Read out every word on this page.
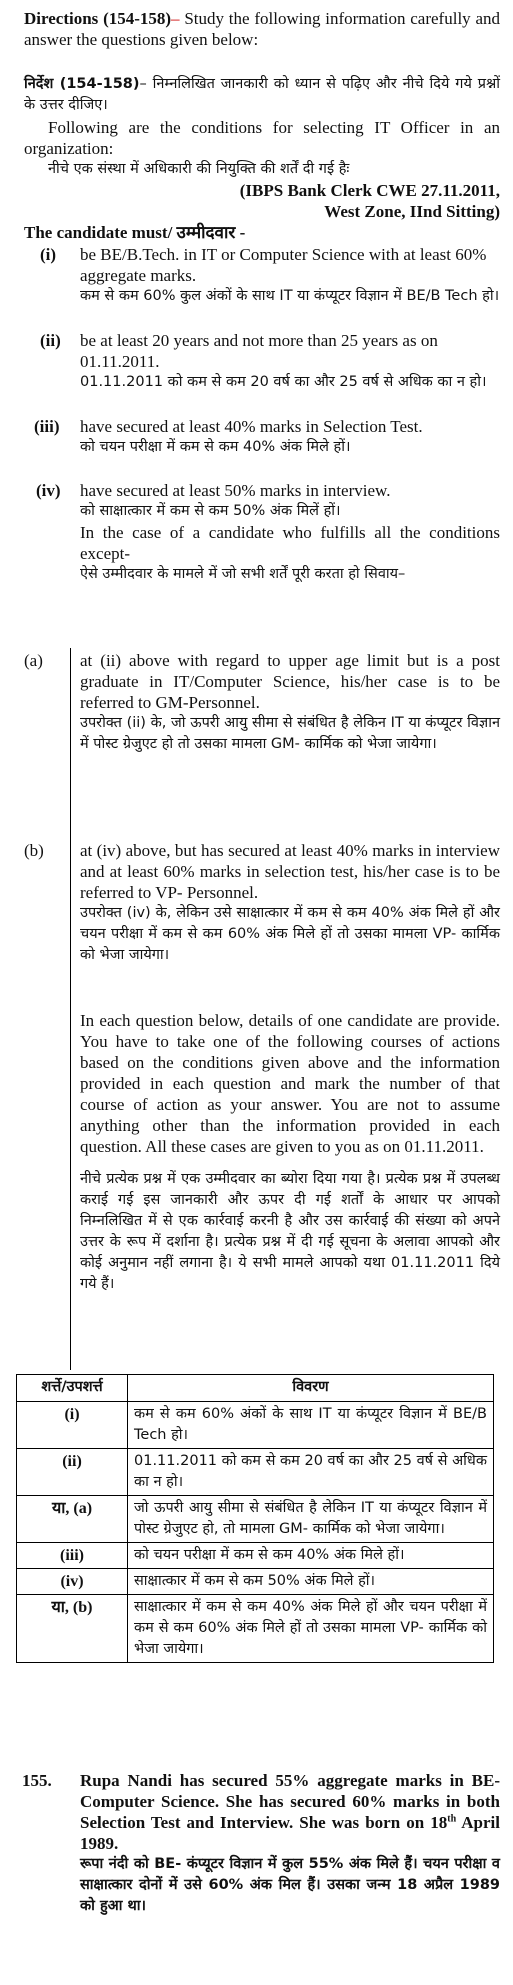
Directions (154-158)– Study the following information carefully and answer the questions given below:

निर्देश (154-158)– निम्नलिखित जानकारी को ध्यान से पढ़िए और नीचे दिये गये प्रश्नों के उत्तर दीजिए।

Following are the conditions for selecting IT Officer in an organization:

नीचे एक संस्था में अधिकारी की नियुक्ति की शर्तें दी गई हैः

(IBPS Bank Clerk CWE 27.11.2011,

West Zone, IInd Sitting)

The candidate must/ उम्मीदवार -
(i) be BE/B.Tech. in IT or Computer Science with at least 60% aggregate marks.

कम से कम 60% कुल अंकों के साथ IT या कंप्यूटर विज्ञान में BE/B Tech हो।

(ii) be at least 20 years and not more than 25 years as on 01.11.2011.

01.11.2011 को कम से कम 20 वर्ष का और 25 वर्ष से अधिक का न हो।

(iii) have secured at least 40% marks in Selection Test.

को चयन परीक्षा में कम से कम 40% अंक मिले हों।

(iv) have secured at least 50% marks in interview.

को साक्षात्कार में कम से कम 50% अंक मिलें हों।

In the case of a candidate who fulfills all the conditions except-

ऐसे उम्मीदवार के मामले में जो सभी शर्तें पूरी करता हो सिवाय–

(a) at (ii) above with regard to upper age limit but is a post graduate in IT/Computer Science, his/her case is to be referred to GM-Personnel.

उपरोक्त (ii) के, जो ऊपरी आयु सीमा से संबंधित है लेकिन IT या कंप्यूटर विज्ञान में पोस्ट ग्रेजुएट हो तो उसका मामला GM- कार्मिक को भेजा जायेगा।

(b) at (iv) above, but has secured at least 40% marks in interview and at least 60% marks in selection test, his/her case is to be referred to VP- Personnel.

उपरोक्त (iv) के, लेकिन उसे साक्षात्कार में कम से कम 40% अंक मिले हों और चयन परीक्षा में कम से कम 60% अंक मिले हों तो उसका मामला VP- कार्मिक को भेजा जायेगा।

In each question below, details of one candidate are provide. You have to take one of the following courses of actions based on the conditions given above and the information provided in each question and mark the number of that course of action as your answer. You are not to assume anything other than the information provided in each question. All these cases are given to you as on 01.11.2011.

नीचे प्रत्येक प्रश्न में एक उम्मीदवार का ब्योरा दिया गया है। प्रत्येक प्रश्न में उपलब्ध कराई गई इस जानकारी और ऊपर दी गई शर्तों के आधार पर आपको निम्नलिखित में से एक कार्रवाई करनी है और उस कार्रवाई की संख्या को अपने उत्तर के रूप में दर्शाना है। प्रत्येक प्रश्न में दी गई सूचना के अलावा आपको और कोई अनुमान नहीं लगाना है। ये सभी मामले आपको यथा 01.11.2011 दिये गये हैं।

शर्त्ते/उपशर्त्त	विवरण
(i)	कम से कम 60% अंकों के साथ IT या कंप्यूटर विज्ञान में BE/B Tech हो।
(ii)	01.11.2011 को कम से कम 20 वर्ष का और 25 वर्ष से अधिक का न हो।
या, (a)	जो ऊपरी आयु सीमा से संबंधित है लेकिन IT या कंप्यूटर विज्ञान में पोस्ट ग्रेजुएट हो, तो मामला GM- कार्मिक को भेजा जायेगा।
(iii)	को चयन परीक्षा में कम से कम 40% अंक मिले हों।
(iv)	साक्षात्कार में कम से कम 50% अंक मिले हों।
या, (b)	साक्षात्कार में कम से कम 40% अंक मिले हों और चयन परीक्षा में कम से कम 60% अंक मिले हों तो उसका मामला VP- कार्मिक को भेजा जायेगा।
155. Rupa Nandi has secured 55% aggregate marks in BE-Computer Science. She has secured 60% marks in both Selection Test and Interview. She was born on 18th April 1989.

रूपा नंदी को BE- कंप्यूटर विज्ञान में कुल 55% अंक मिले हैं। चयन परीक्षा व साक्षात्कार दोनों में उसे 60% अंक मिल हैं। उसका जन्म 18 अप्रैल 1989 को हुआ था।
